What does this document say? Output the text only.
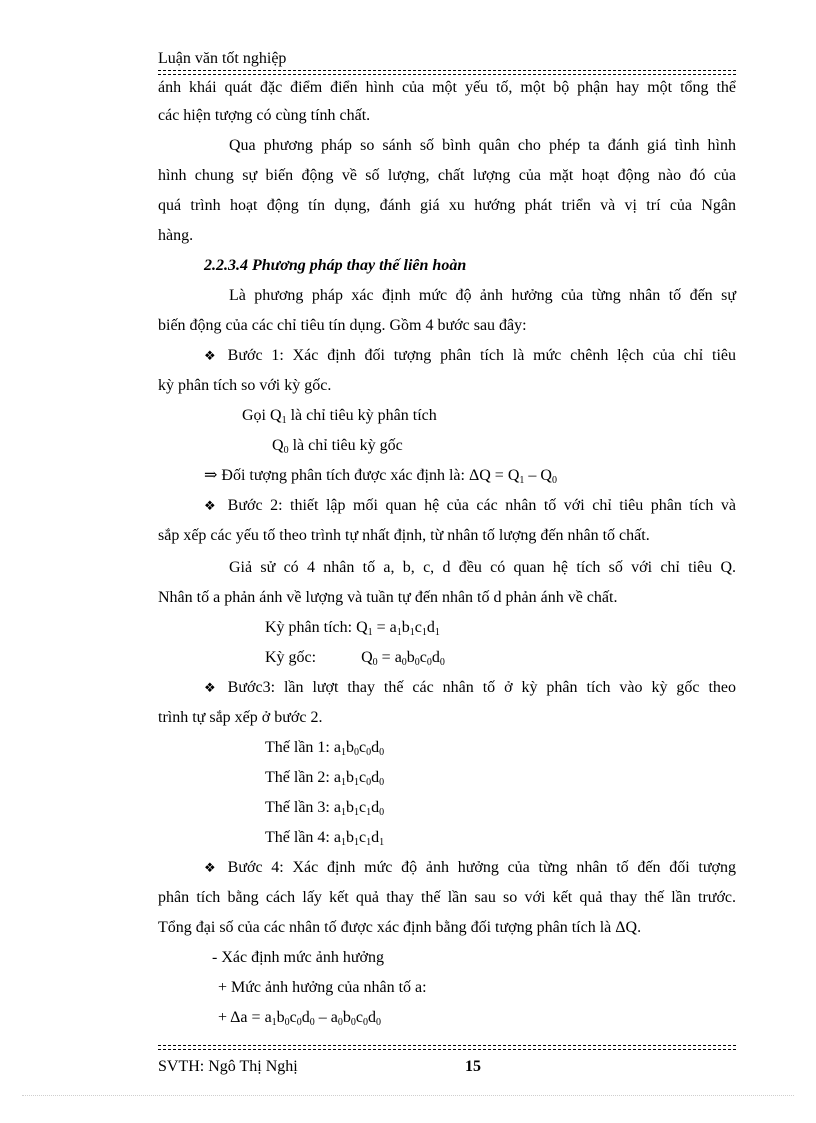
Luận văn tốt nghiệp
ánh khái quát đặc điểm điển hình của một yếu tố, một bộ phận hay một tổng thể
các hiện tượng có cùng tính chất.
Qua phương pháp so sánh số bình quân cho phép ta đánh giá tình hình
hình chung sự biến động về số lượng, chất lượng của mặt hoạt động nào đó của
quá trình hoạt động tín dụng, đánh giá xu hướng phát triển và vị trí của Ngân
hàng.
2.2.3.4 Phương pháp thay thế liên hoàn
Là phương pháp xác định mức độ ảnh hưởng của từng nhân tố đến sự
biến động của các chỉ tiêu tín dụng. Gồm 4 bước sau đây:
❖ Bước 1: Xác định đối tượng phân tích là mức chênh lệch của chỉ tiêu
kỳ phân tích so với kỳ gốc.
Gọi $Q_1$ là chỉ tiêu kỳ phân tích
$Q_0$ là chỉ tiêu kỳ gốc
⇒ Đối tượng phân tích được xác định là: $\Delta Q = Q_1 - Q_0$
❖ Bước 2: thiết lập mối quan hệ của các nhân tố với chỉ tiêu phân tích và
sắp xếp các yếu tố theo trình tự nhất định, từ nhân tố lượng đến nhân tố chất.
Giả sử có 4 nhân tố a, b, c, d đều có quan hệ tích số với chỉ tiêu Q.
Nhân tố a phản ánh về lượng và tuần tự đến nhân tố d phản ánh về chất.
Kỳ phân tích: $Q_1 = a_1b_1c_1d_1$
Kỳ gốc:	$Q_0 = a_0b_0c_0d_0$
❖ Bước3: lần lượt thay thế các nhân tố ở kỳ phân tích vào kỳ gốc theo
trình tự sắp xếp ở bước 2.
Thế lần 1: $a_1b_0c_0d_0$
Thế lần 2: $a_1b_1c_0d_0$
Thế lần 3: $a_1b_1c_1d_0$
Thế lần 4: $a_1b_1c_1d_1$
❖ Bước 4: Xác định mức độ ảnh hưởng của từng nhân tố đến đối tượng
phân tích bằng cách lấy kết quả thay thế lần sau so với kết quả thay thế lần trước.
Tổng đại số của các nhân tố được xác định bằng đối tượng phân tích là ΔQ.
- Xác định mức ảnh hưởng
+ Mức ảnh hưởng của nhân tố a:
+ $\Delta a = a_1b_0c_0d_0 - a_0b_0c_0d_0$
SVTH: Ngô Thị Nghị	15
